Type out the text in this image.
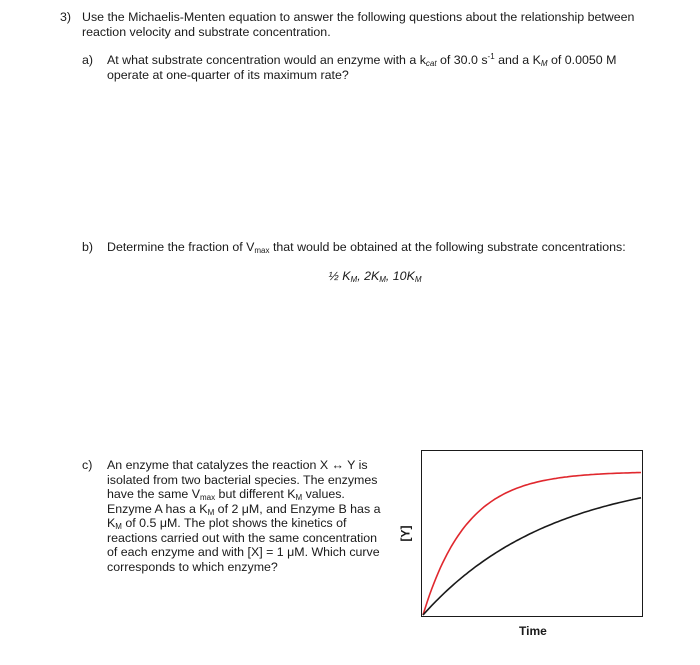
3) Use the Michaelis-Menten equation to answer the following questions about the relationship between
reaction velocity and substrate concentration.
a) At what substrate concentration would an enzyme with a $k_{cat}$ of 30.0 $s^{-1}$ and a $K_M$ of 0.0050 M
operate at one-quarter of its maximum rate?
b) Determine the fraction of $V_{max}$ that would be obtained at the following substrate concentrations:
½ $K_M$, $2K_M$, $10K_M$
c) An enzyme that catalyzes the reaction X ↔ Y is
isolated from two bacterial species. The enzymes
have the same $V_{max}$ but different $K_M$ values.
Enzyme A has a $K_M$ of 2 μM, and Enzyme B has a
$K_M$ of 0.5 μM. The plot shows the kinetics of
reactions carried out with the same concentration
of each enzyme and with [X] = 1 μM. Which curve
corresponds to which enzyme?
[Y]
Time
